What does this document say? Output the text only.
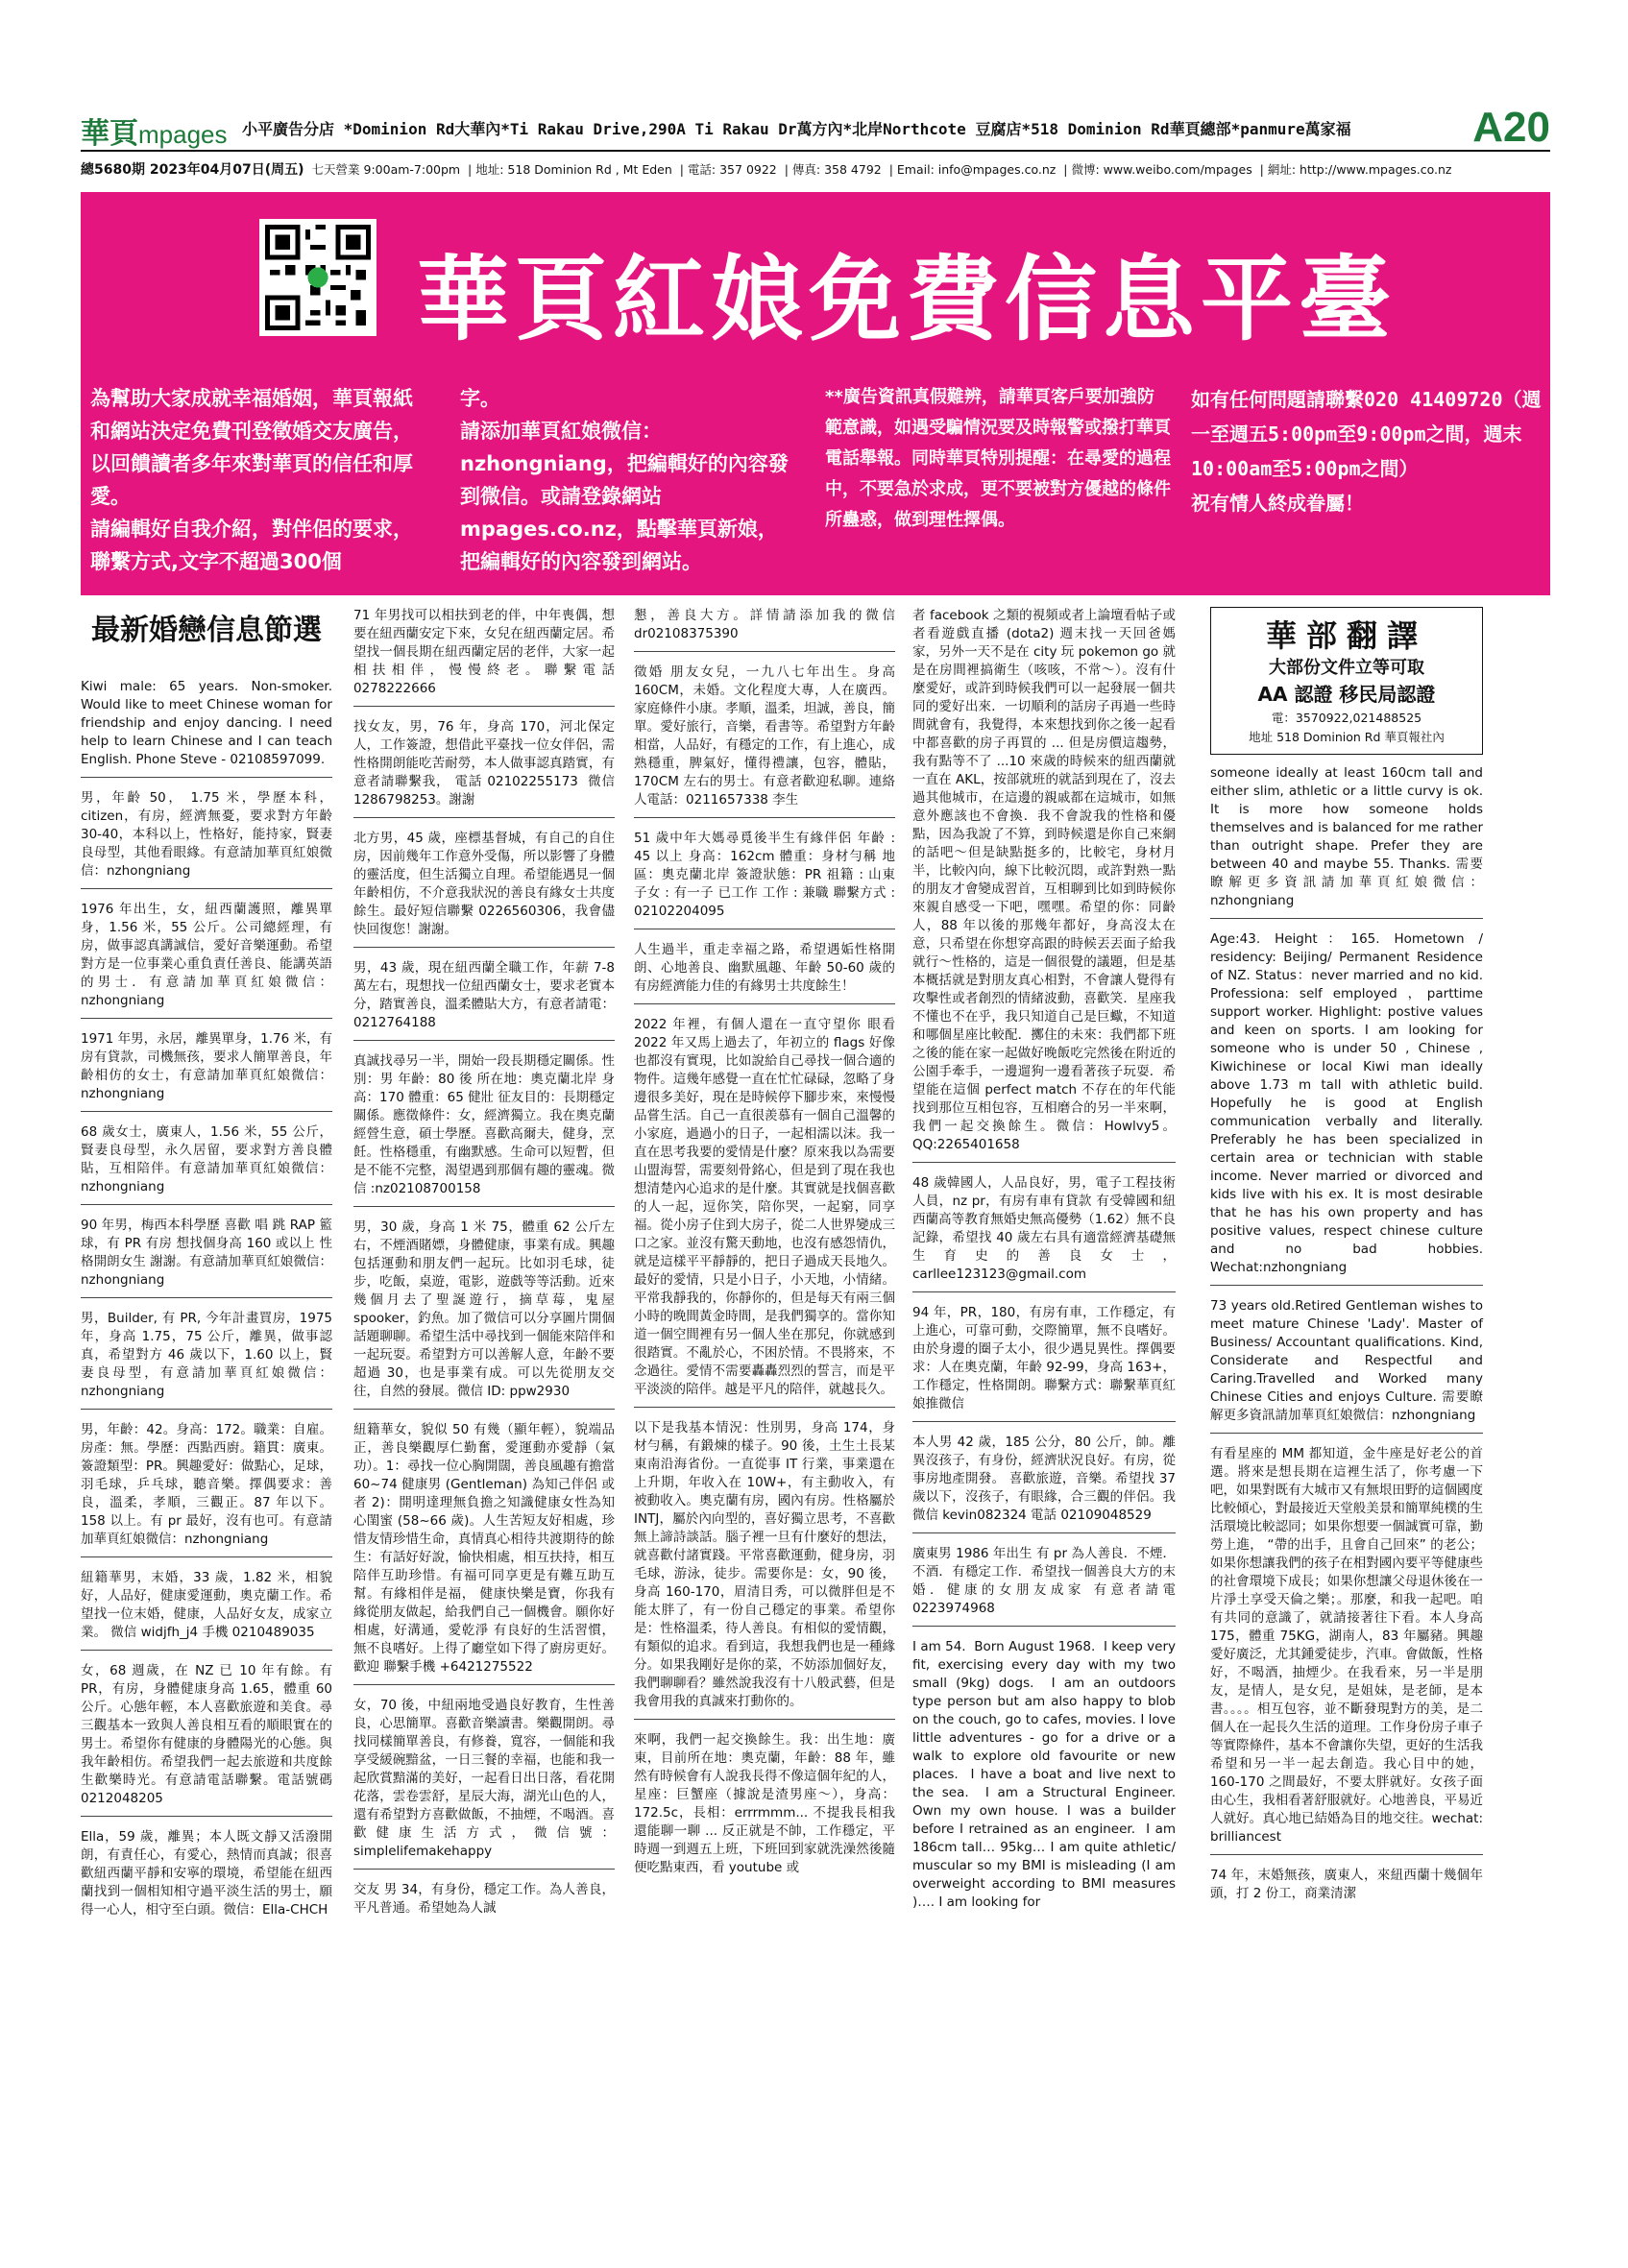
華頁mpages 小平廣告分店 *Dominion Rd大華內*Ti Rakau Drive,290A Ti Rakau Dr萬方內*北岸Northcote 豆腐店*518 Dominion Rd華頁總部*panmure萬家福	A20
總5680期 2023年04月07日(周五) 七天營業 9:00am-7:00pm  | 地址: 518 Dominion Rd , Mt Eden  | 電話: 357 0922  | 傳真: 358 4792  | Email: info@mpages.co.nz  | 微博: www.weibo.com/mpages  | 網址: http://www.mpages.co.nz
華頁紅娘免費信息平臺
為幫助大家成就幸福婚姻，華頁報紙和網站決定免費刊登徵婚交友廣告，以回饋讀者多年來對華頁的信任和厚愛。
請編輯好自我介紹，對伴侶的要求，聯繫方式,文字不超過300個
字。
請添加華頁紅娘微信：nzhongniang，把編輯好的內容發到微信。或請登錄網站mpages.co.nz，點擊華頁新娘，把編輯好的內容發到網站。
**廣告資訊真假難辨，請華頁客戶要加強防範意識，如遇受騙情況要及時報警或撥打華頁電話舉報。同時華頁特別提醒：在尋愛的過程中，不要急於求成，更不要被對方優越的條件所蠱惑，做到理性擇偶。
如有任何問題請聯繫020 41409720（週一至週五5:00pm至9:00pm之間，週末10:00am至5:00pm之間）
祝有情人終成眷屬！
最新婚戀信息節選
Kiwi male: 65 years. Non-smoker. Would like to meet Chinese woman for friendship and enjoy dancing. I need help to learn Chinese and I can teach English. Phone Steve - 02108597099.
男，年齡 50， 1.75 米，學歷本科，citizen，有房，經濟無憂，要求對方年齡 30-40，本科以上，性格好，能持家，賢妻良母型，其他看眼緣。有意請加華頁紅娘微信：nzhongniang
1976 年出生，女，紐西蘭護照，離異單身，1.56 米，55 公斤。公司總經理，有房，做事認真講誠信，愛好音樂運動。希望對方是一位事業心重負責任善良、能講英語的男士．有意請加華頁紅娘微信：nzhongniang
1971 年男，永居，離異單身，1.76 米，有房有貸款，司機無孩，要求人簡單善良，年齡相仿的女士，有意請加華頁紅娘微信：nzhongniang
68 歲女士，廣東人，1.56 米，55 公斤，賢妻良母型，永久居留，要求對方善良體貼，互相陪伴。有意請加華頁紅娘微信：nzhongniang
90 年男，梅西本科學歷 喜歡 唱 跳 RAP 籃球，有 PR 有房 想找個身高 160 或以上 性格開朗女生 謝謝。有意請加華頁紅娘微信：nzhongniang
男，Builder, 有 PR, 今年計畫買房，1975 年，身高 1.75，75 公斤，離異，做事認真，希望對方 46 歲以下，1.60 以上，賢妻良母型，有意請加華頁紅娘微信：nzhongniang
男，年齡：42。身高：172。職業：自雇。房產：無。學歷：西點西廚。籍貫：廣東。簽證類型：PR。興趣愛好：做點心，足球，羽毛球，乒乓球，聽音樂。擇偶要求：善良，溫柔，孝順，三觀正。87 年以下。158 以上。有 pr 最好，沒有也可。有意請加華頁紅娘微信：nzhongniang
紐籍華男，末婚，33 歲，1.82 米，相貌好，人品好，健康愛運動，奧克蘭工作。希望找一位末婚，健康，人品好女友，成家立業。 微信 widjfh_j4 手機 0210489035
女，68 週歲，在 NZ 已 10 年有餘。有 PR，有房，身體健康身高 1.65，體重 60 公斤。心態年輕，本人喜歡旅遊和美食。尋三觀基本一致與人善良相互看的順眼實在的男士。希望你有健康的身體陽光的心態。與我年齡相仿。希望我們一起去旅遊和共度餘生歡樂時光。有意請電話聯繫。電話號碼 0212048205
Ella，59 歲，離異；本人既文靜又活潑開朗，有責任心，有愛心，熱情而真誠；很喜歡紐西蘭平靜和安寧的環境，希望能在紐西蘭找到一個相知相守過平淡生活的男士，願得一心人，相守至白頭。微信：Ella-CHCH
71 年男找可以相扶到老的伴，中年喪偶，想要在紐西蘭安定下來，女兒在紐西蘭定居。希望找一個長期在紐西蘭定居的老伴，大家一起相扶相伴，慢慢終老。聯繫電話 0278222666
找女友，男，76 年，身高 170，河北保定人，工作簽證，想借此平臺找一位女伴侶，需性格開朗能吃苦耐勞，本人做事認真踏實，有意者請聯繫我， 電話 02102255173  微信 1286798253。謝謝
北方男，45 歲，座標基督城，有自己的自住房，因前幾年工作意外受傷，所以影響了身體的靈活度，但生活獨立自理。希望能遇見一個年齡相仿，不介意我狀況的善良有緣女士共度餘生。最好短信聯繫 0226560306，我會儘快回復您！謝謝。
男，43 歲，現在紐西蘭全職工作，年薪 7-8 萬左右，現想找一位紐西蘭女士，要求老實本分，踏實善良，溫柔體貼大方，有意者請電：0212764188
真誠找尋另一半，開始一段長期穩定關係。性別：男 年齡：80 後 所在地：奧克蘭北岸 身高：170 體重：65 健壯 征友目的：長期穩定關係。應徵條件：女，經濟獨立。我在奧克蘭經營生意，碩士學歷。喜歡高爾夫，健身，烹飪。性格穩重，有幽默感。生命可以短暫，但是不能不完整，渴望遇到那個有趣的靈魂。微信 :nz02108700158
男，30 歲，身高 1 米 75，體重 62 公斤左右，不煙酒賭嫖，身體健康，事業有成。興趣包括運動和朋友們一起玩。比如羽毛球，徒步，吃飯，桌遊，電影，遊戲等等活動。近來幾個月去了聖誕遊行，摘草莓，鬼屋 spooker，釣魚。加了微信可以分享圖片開個話題聊聊。希望生活中尋找到一個能來陪伴和一起玩耍。希望對方可以善解人意，年齡不要超過 30，也是事業有成。可以先從朋友交往，自然的發展。微信 ID: ppw2930
紐籍華女，貌似 50 有幾（顯年輕），貌端品正，善良樂觀厚仁勤奮，愛運動亦愛靜（氣功）。1：尋找一位心胸開闊，善良風趣有擔當 60~74 健康男 (Gentleman) 為知己伴侶 或者 2)：開明達理無負擔之知識健康女性為知心閨蜜 (58~66 歲)。人生苦短友好相處，珍惜友情珍惜生命，真情真心相待共渡期待的餘生：有話好好說，愉快相處，相互扶持，相互陪伴互助珍惜。有福可同享更是有難互助互幫。有緣相伴是福， 健康快樂是寶，你我有緣從朋友做起，給我們自己一個機會。願你好相處，好溝通，愛乾淨 有良好的生活習慣，無不良嗜好。上得了廳堂如下得了廚房更好。歡迎 聯繫手機 +6421275522
女，70 後，中紐兩地受過良好教育，生性善良，心思簡單。喜歡音樂讀書。樂觀開朗。尋找同樣簡單善良，有修養，寬容，一個能和我享受緩碗黯盆，一日三餐的幸福，也能和我一起欣賞黯滿的美好，一起看日出日落，看花開花落，雲卷雲舒，星辰大海，湖光山色的人，還有希望對方喜歡做飯，不抽煙，不喝酒。喜歡健康生活方式，微信號：simplelifemakehappy
交友 男 34，有身份，穩定工作。為人善良，平凡普通。希望她為人誠
懇，善良大方。詳情請添加我的微信 dr02108375390
徵婚 朋友女兒，一九八七年出生。身高 160CM，未婚。文化程度大專，人在廣西。家庭條件小康。孝順，溫柔，坦誠，善良，簡單。愛好旅行，音樂，看書等。希望對方年齡相當，人品好，有穩定的工作，有上進心，成熟穩重，脾氣好，懂得禮讓，包容，體貼，170CM 左右的男士。有意者歡迎私聊。連絡人電話：0211657338 李生
51 歲中年大媽尋覓後半生有緣伴侶 年齡 : 45 以上 身高：162cm 體重：身材勻稱 地區：奧克蘭北岸 簽證狀態：PR 祖籍 : 山東 子女 : 有一子 已工作 工作 : 兼職 聯繫方式 : 02102204095
人生過半，重走幸福之路，希望遇姤性格開朗、心地善良、幽默風趣、年齡 50-60 歲的有房經濟能力佳的有緣男士共度餘生！
2022 年裡，有個人還在一直守望你 眼看 2022 年又馬上過去了，年初立的 flags 好像也都沒有實現，比如說給自己尋找一個合適的物件。這幾年感覺一直在忙忙碌碌，忽略了身邊很多美好，現在是時候停下腳步來，來慢慢品嘗生活。自己一直很羨慕有一個自己溫馨的小家庭，過過小的日子，一起相濡以沫。我一直在思考我要的愛情是什麼？原來我以為需要山盟海誓，需要刻骨銘心，但是到了現在我也想清楚內心追求的是什麼。其實就是找個喜歡的人一起，逗你笑，陪你哭，一起窮，同享福。從小房子住到大房子，從二人世界變成三口之家。並沒有驚天動地，也沒有感怨情仇，就是這樣平平靜靜的，把日子過成天長地久。最好的愛情，只是小日子，小天地，小情緒。平常我靜我的，你靜你的，但是每天有兩三個小時的晚間黃金時間，是我們獨享的。當你知道一個空間裡有另一個人坐在那兒，你就感到很踏實。不亂於心，不困於情。不畏將來，不念過往。愛情不需要轟轟烈烈的誓言，而是平平淡淡的陪伴。越是平凡的陪伴，就越長久。
以下是我基本情況：性別男，身高 174，身材勻稱，有鍛煉的樣子。90 後，土生土長某東南沿海省份。一直從事 IT 行業，事業還在上升期，年收入在 10W+，有主動收入，有被動收入。奧克蘭有房，國內有房。性格屬於 INTJ，屬於內向型的，喜好獨立思考，不喜歡無上諦詩談話。腦子裡一旦有什麼好的想法，就喜歡付諸實踐。平常喜歡運動，健身房，羽毛球，游泳，徒步。需要你是：女，90 後，身高 160-170，眉清目秀，可以微胖但是不能太胖了，有一份自己穩定的事業。希望你是：性格溫柔，待人善良。有相似的愛情觀，有類似的追求。看到這，我想我們也是一種緣分。如果我剛好是你的菜，不妨添加個好友，我們聊聊看？雖然說我沒有十八般武藝，但是我會用我的真誠來打動你的。
來啊，我們一起交換餘生。我：出生地：廣東，目前所在地：奧克蘭，年齡：88 年，雖然有時候會有人說我長得不像這個年紀的人，星座：巨蟹座（據說是渣男座～），身高：172.5c，長相：errrmmm... 不提我長相我還能聊一聊 ... 反正就是不帥，工作穩定，平時週一到週五上班，下班回到家就洗澡然後隨便吃點東西，看 youtube 或
者 facebook 之類的視頻或者上論壇看帖子或者看遊戲直播 (dota2) 週末找一天回爸媽家，另外一天不是在 city 玩 pokemon go 就是在房間裡搞衛生（咳咳，不常～）。沒有什麼愛好，或許到時候我們可以一起發展一個共同的愛好出來．一切順利的話房子再過一些時間就會有，我覺得，本來想找到你之後一起看中都喜歡的房子再買的 ... 但是房價這趨勢，我有點等不了 ...10 來歲的時候來的紐西蘭就一直在 AKL，按部就班的就話到現在了，沒去過其他城市，在這邊的親戚都在這城市，如無意外應該也不會換．我不會說我的性格和優點，因為我說了不算，到時候還是你自己來網的話吧～但是缺點挺多的，比較宅，身材月半，比較內向，線下比較沉悶，或許對熟一點的朋友才會變成習首，互相聊到比如到時候你來親自感受一下吧，嘿嘿。希望的你：同齡人，88 年以後的那幾年都好，身高沒太在意，只希望在你想穿高跟的時候丟丟面子給我就行～性格的，這是一個很覺的議題，但是基本概括就是對朋友真心相對，不會讓人覺得有攻擊性或者創烈的情緒波動，喜歡笑．星座我不懂也不在乎，我只知道自己是巨蠍，不知道和哪個星座比較配．擲住的未來：我們都下班之後的能在家一起做好晚飯吃完然後在附近的公園手牽手，一邊遛狗一邊看著孩子玩耍．希望能在這個 perfect match 不存在的年代能找到那位互相包容，互相磨合的另一半來啊，我們一起交換餘生。微信：Howlvy5。QQ:2265401658
48 歲韓國人，人品良好，男，電子工程技術人員，nz pr，有房有車有貸款 有受韓國和紐西蘭高等教育無婚史無高優勢（1.62）無不良記錄，希望找 40 歲左右具有適當經濟基礎無生育史的善良女士，carllee123123@gmail.com
94 年，PR，180，有房有車，工作穩定，有上進心，可靠可動，交際簡單，無不良嗜好。由於身邊的圈子太小，很少遇見異性。擇偶要求：人在奧克蘭，年齡 92-99，身高 163+，工作穩定，性格開朗。聯繫方式：聯繫華頁紅娘推微信
本人男 42 歲，185 公分，80 公斤，帥。離異沒孩子，有身份，經濟狀況良好。有房，從事房地產開發。 喜歡旅遊，音樂。希望找 37 歲以下，沒孩子，有眼緣，合三觀的伴侶。我微信 kevin082324 電話 02109048529
廣東男 1986 年出生 有 pr 為人善良．不煙．不酒．有穩定工作．希望找一個善良大方的末婚．健康的女朋友成家 有意者請電 0223974968
I am 54.  Born August 1968.  I keep very fit, exercising every day with my two small (9kg) dogs.  I am an outdoors type person but am also happy to blob on the couch, go to cafes, movies. I love little adventures - go for a drive or a walk to explore old favourite or new places.  I have a boat and live next to the sea.  I am a Structural Engineer. Own my own house. I was a builder before I retrained as an engineer.  I am 186cm tall… 95kg… I am quite athletic/ muscular so my BMI is misleading (I am overweight according to BMI measures )…. I am looking for
華部翻譯
大部份文件立等可取
AA 認證 移民局認證
電：3570922,021488525
地址 518 Dominion Rd 華頁報社內
someone ideally at least 160cm tall and either slim, athletic or a little curvy is ok.  It is more how someone holds themselves and is balanced for me rather than outright shape. Prefer they are between 40 and maybe 55. Thanks. 需要瞭解更多資訊請加華頁紅娘微信：nzhongniang
Age:43. Height：165. Hometown / residency: Beijing/ Permanent Residence of NZ. Status：never married and no kid. Professiona: self employed ，parttime support worker. Highlight: postive values and keen on sports. I am looking for someone who is under 50 , Chinese , Kiwichinese or local Kiwi man ideally above 1.73 m tall with athletic build. Hopefully he is good at English communication verbally and literally. Preferably he has been specialized in certain area or technician with stable income. Never married or divorced and kids live with his ex. It is most desirable that he has his own property and has positive values, respect chinese culture and no bad hobbies. Wechat:nzhongniang
73 years old.Retired Gentleman wishes to meet mature Chinese 'Lady'. Master of Business/ Accountant qualifications. Kind, Considerate and Respectful and Caring.Travelled and Worked many Chinese Cities and enjoys Culture. 需要瞭解更多資訊請加華頁紅娘微信：nzhongniang
有看星座的 MM 都知道，金牛座是好老公的首選。將來是想長期在這裡生活了，你考慮一下吧，如果對既有大城市又有無垠田野的這個國度比較傾心，對最接近天堂般美景和簡單純樸的生活環境比較認同；如果你想要一個誠實可靠，勤勞上進， “帶的出手，且會自己回來” 的老公；如果你想讓我們的孩子在相對國內要平等健康些的社會環境下成長；如果你想讓父母退休後在一片淨土享受天倫之樂；。那麼，和我一起吧。咱有共同的意識了，就請接著往下看。本人身高 175，體重 75KG，湖南人，83 年屬豬。興趣愛好廣泛，尤其鍾愛徒步，汽車。會做飯，性格好，不喝酒，抽煙少。在我看來，另一半是朋友，是情人，是女兒，是姐妹，是老師，是本書。。。。相互包容，並不斷發現對方的美，是二個人在一起長久生活的道理。工作身份房子車子等實際條件，基本不會讓你失望，更好的生活我希望和另一半一起去創造。我心目中的她，160-170 之間最好，不要太胖就好。女孩子面由心生，我相看著舒服就好。心地善良，平易近人就好。真心地已結婚為目的地交往。wechat: brilliancest
74 年，末婚無孩，廣東人，來紐西蘭十幾個年頭，打 2 份工，商業清潔
